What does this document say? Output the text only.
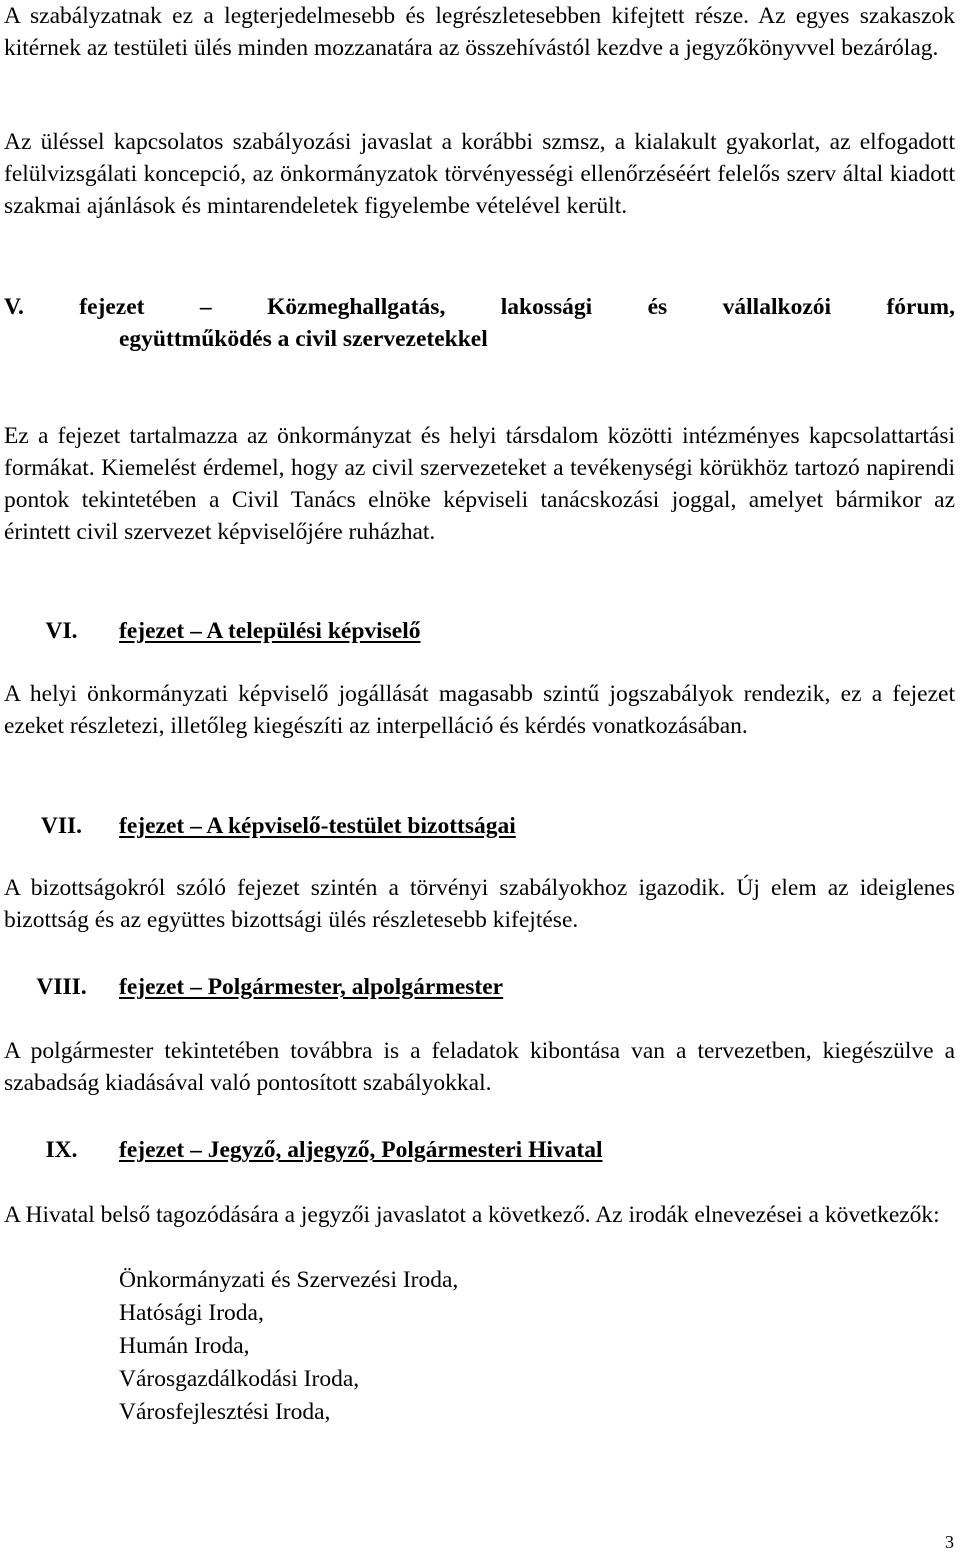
A szabályzatnak ez a legterjedelmesebb és legrészletesebben kifejtett része. Az egyes szakaszok kitérnek az testületi ülés minden mozzanatára az összehívástól kezdve a jegyzőkönyvvel bezárólag.

Az üléssel kapcsolatos szabályozási javaslat a korábbi szmsz, a kialakult gyakorlat, az elfogadott felülvizsgálati koncepció, az önkormányzatok törvényességi ellenőrzéséért felelős szerv által kiadott szakmai ajánlások és mintarendeletek figyelembe vételével került.

V. fejezet – Közmeghallgatás, lakossági és vállalkozói fórum,
együttműködés a civil szervezetekkel

Ez a fejezet tartalmazza az önkormányzat és helyi társdalom közötti intézményes kapcsolattartási formákat. Kiemelést érdemel, hogy az civil szervezeteket a tevékenységi körükhöz tartozó napirendi pontok tekintetében a Civil Tanács elnöke képviseli tanácskozási joggal, amelyet bármikor az érintett civil szervezet képviselőjére ruházhat.

VI. fejezet – A települési képviselő

A helyi önkormányzati képviselő jogállását magasabb szintű jogszabályok rendezik, ez a fejezet ezeket részletezi, illetőleg kiegészíti az interpelláció és kérdés vonatkozásában.

VII. fejezet – A képviselő-testület bizottságai

A bizottságokról szóló fejezet szintén a törvényi szabályokhoz igazodik. Új elem az ideiglenes bizottság és az együttes bizottsági ülés részletesebb kifejtése.

VIII. fejezet – Polgármester, alpolgármester

A polgármester tekintetében továbbra is a feladatok kibontása van a tervezetben, kiegészülve a szabadság kiadásával való pontosított szabályokkal.

IX. fejezet – Jegyző, aljegyző, Polgármesteri Hivatal

A Hivatal belső tagozódására a jegyzői javaslatot a következő. Az irodák elnevezései a következők:

Önkormányzati és Szervezési Iroda,
Hatósági Iroda,
Humán Iroda,
Városgazdálkodási Iroda,
Városfejlesztési Iroda,
3
